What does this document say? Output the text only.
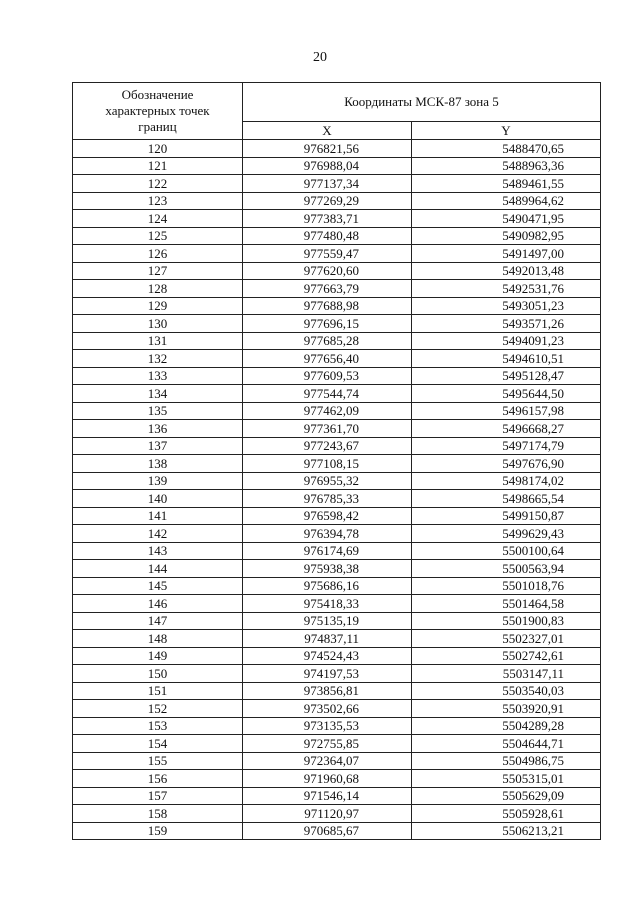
20
Обозначение
характерных точек
границ	Координаты МСК-87 зона 5	
	X	Y
120	976821,56	5488470,65
121	976988,04	5488963,36
122	977137,34	5489461,55
123	977269,29	5489964,62
124	977383,71	5490471,95
125	977480,48	5490982,95
126	977559,47	5491497,00
127	977620,60	5492013,48
128	977663,79	5492531,76
129	977688,98	5493051,23
130	977696,15	5493571,26
131	977685,28	5494091,23
132	977656,40	5494610,51
133	977609,53	5495128,47
134	977544,74	5495644,50
135	977462,09	5496157,98
136	977361,70	5496668,27
137	977243,67	5497174,79
138	977108,15	5497676,90
139	976955,32	5498174,02
140	976785,33	5498665,54
141	976598,42	5499150,87
142	976394,78	5499629,43
143	976174,69	5500100,64
144	975938,38	5500563,94
145	975686,16	5501018,76
146	975418,33	5501464,58
147	975135,19	5501900,83
148	974837,11	5502327,01
149	974524,43	5502742,61
150	974197,53	5503147,11
151	973856,81	5503540,03
152	973502,66	5503920,91
153	973135,53	5504289,28
154	972755,85	5504644,71
155	972364,07	5504986,75
156	971960,68	5505315,01
157	971546,14	5505629,09
158	971120,97	5505928,61
159	970685,67	5506213,21
